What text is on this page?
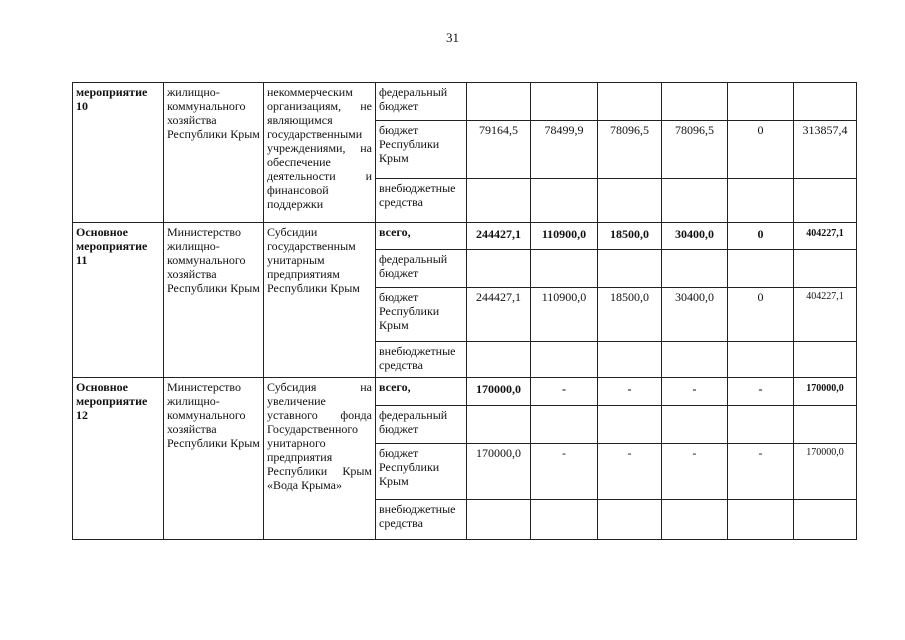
31
мероприятие 10	жилищно-коммунального хозяйства Республики Крым	некоммерческим организациям, не являющимся государственными учреждениями, на обеспечение деятельности и финансовой поддержки	федеральный бюджет						
			бюджет Республики Крым	79164,5	78499,9	78096,5	78096,5	0	313857,4
			внебюджетные средства						
Основное мероприятие 11	Министерство жилищно-коммунального хозяйства Республики Крым	Субсидии государственным унитарным предприятиям Республики Крым	всего,	244427,1	110900,0	18500,0	30400,0	0	404227,1
			федеральный бюджет						
			бюджет Республики Крым	244427,1	110900,0	18500,0	30400,0	0	404227,1
			внебюджетные средства						
Основное мероприятие 12	Министерство жилищно-коммунального хозяйства Республики Крым	Субсидия на увеличение уставного фонда Государственного унитарного предприятия Республики Крым «Вода Крыма»	всего,	170000,0	-	-	-	-	170000,0
			федеральный бюджет						
			бюджет Республики Крым	170000,0	-	-	-	-	170000,0
			внебюджетные средства						
